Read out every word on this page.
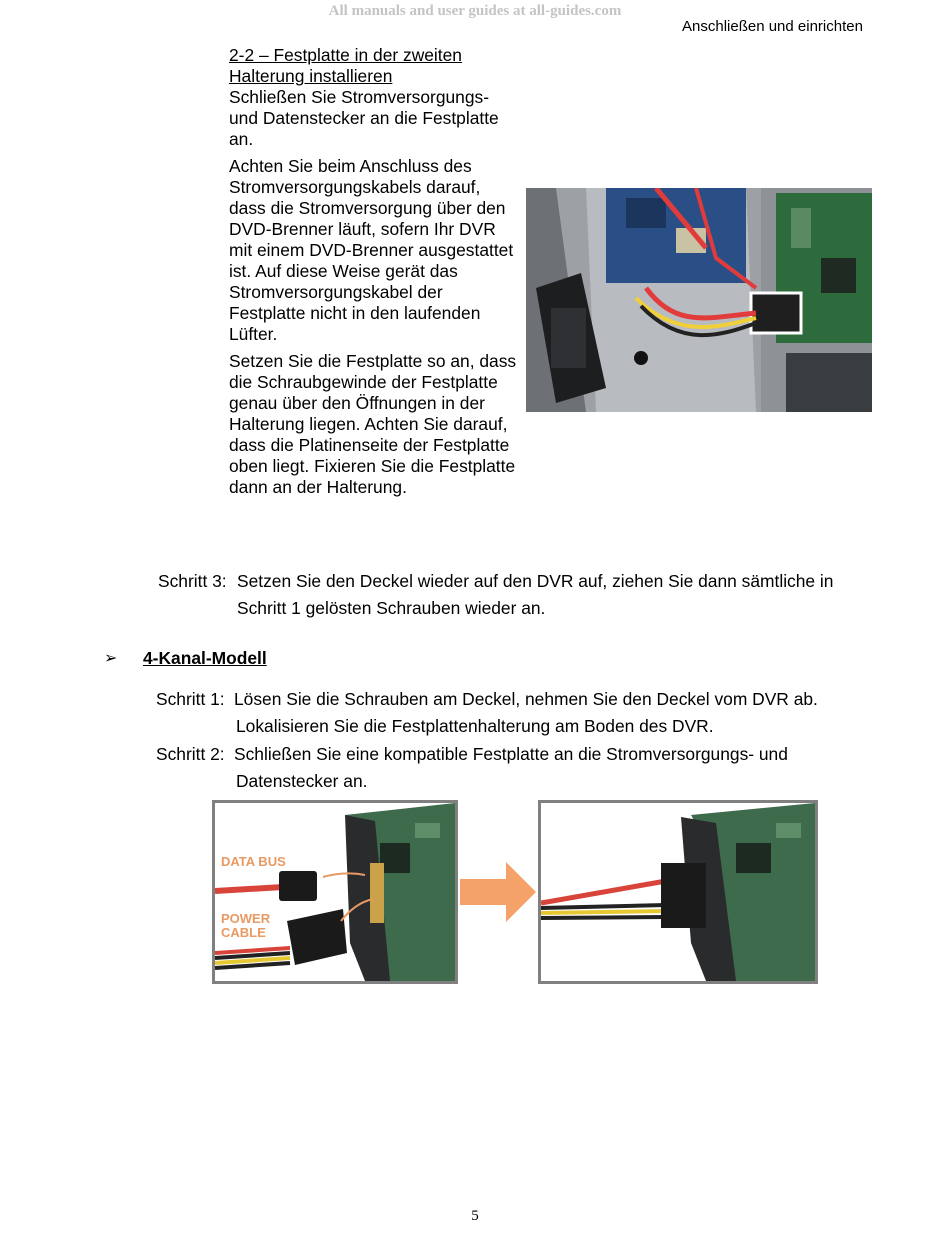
All manuals and user guides at all-guides.com
Anschließen und einrichten

2-2 – Festplatte in der zweiten

Halterung installieren

Schließen Sie Stromversorgungs- und Datenstecker an die Festplatte an.

Achten Sie beim Anschluss des Stromversorgungskabels darauf, dass die Stromversorgung über den DVD-Brenner läuft, sofern Ihr DVR mit einem DVD-Brenner ausgestattet ist. Auf diese Weise gerät das Stromversorgungskabel der Festplatte nicht in den laufenden Lüfter.

Setzen Sie die Festplatte so an, dass die Schraubgewinde der Festplatte genau über den Öffnungen in der Halterung liegen. Achten Sie darauf, dass die Platinenseite der Festplatte oben liegt. Fixieren Sie die Festplatte dann an der Halterung.

Schritt 3: Setzen Sie den Deckel wieder auf den DVR auf, ziehen Sie dann sämtliche in
Schritt 1 gelösten Schrauben wieder an.
➢ 4-Kanal-Modell
Schritt 1: Lösen Sie die Schrauben am Deckel, nehmen Sie den Deckel vom DVR ab.
Lokalisieren Sie die Festplattenhalterung am Boden des DVR.
Schritt 2: Schließen Sie eine kompatible Festplatte an die Stromversorgungs- und
Datenstecker an.
DATA BUS
POWER
CABLE
5
